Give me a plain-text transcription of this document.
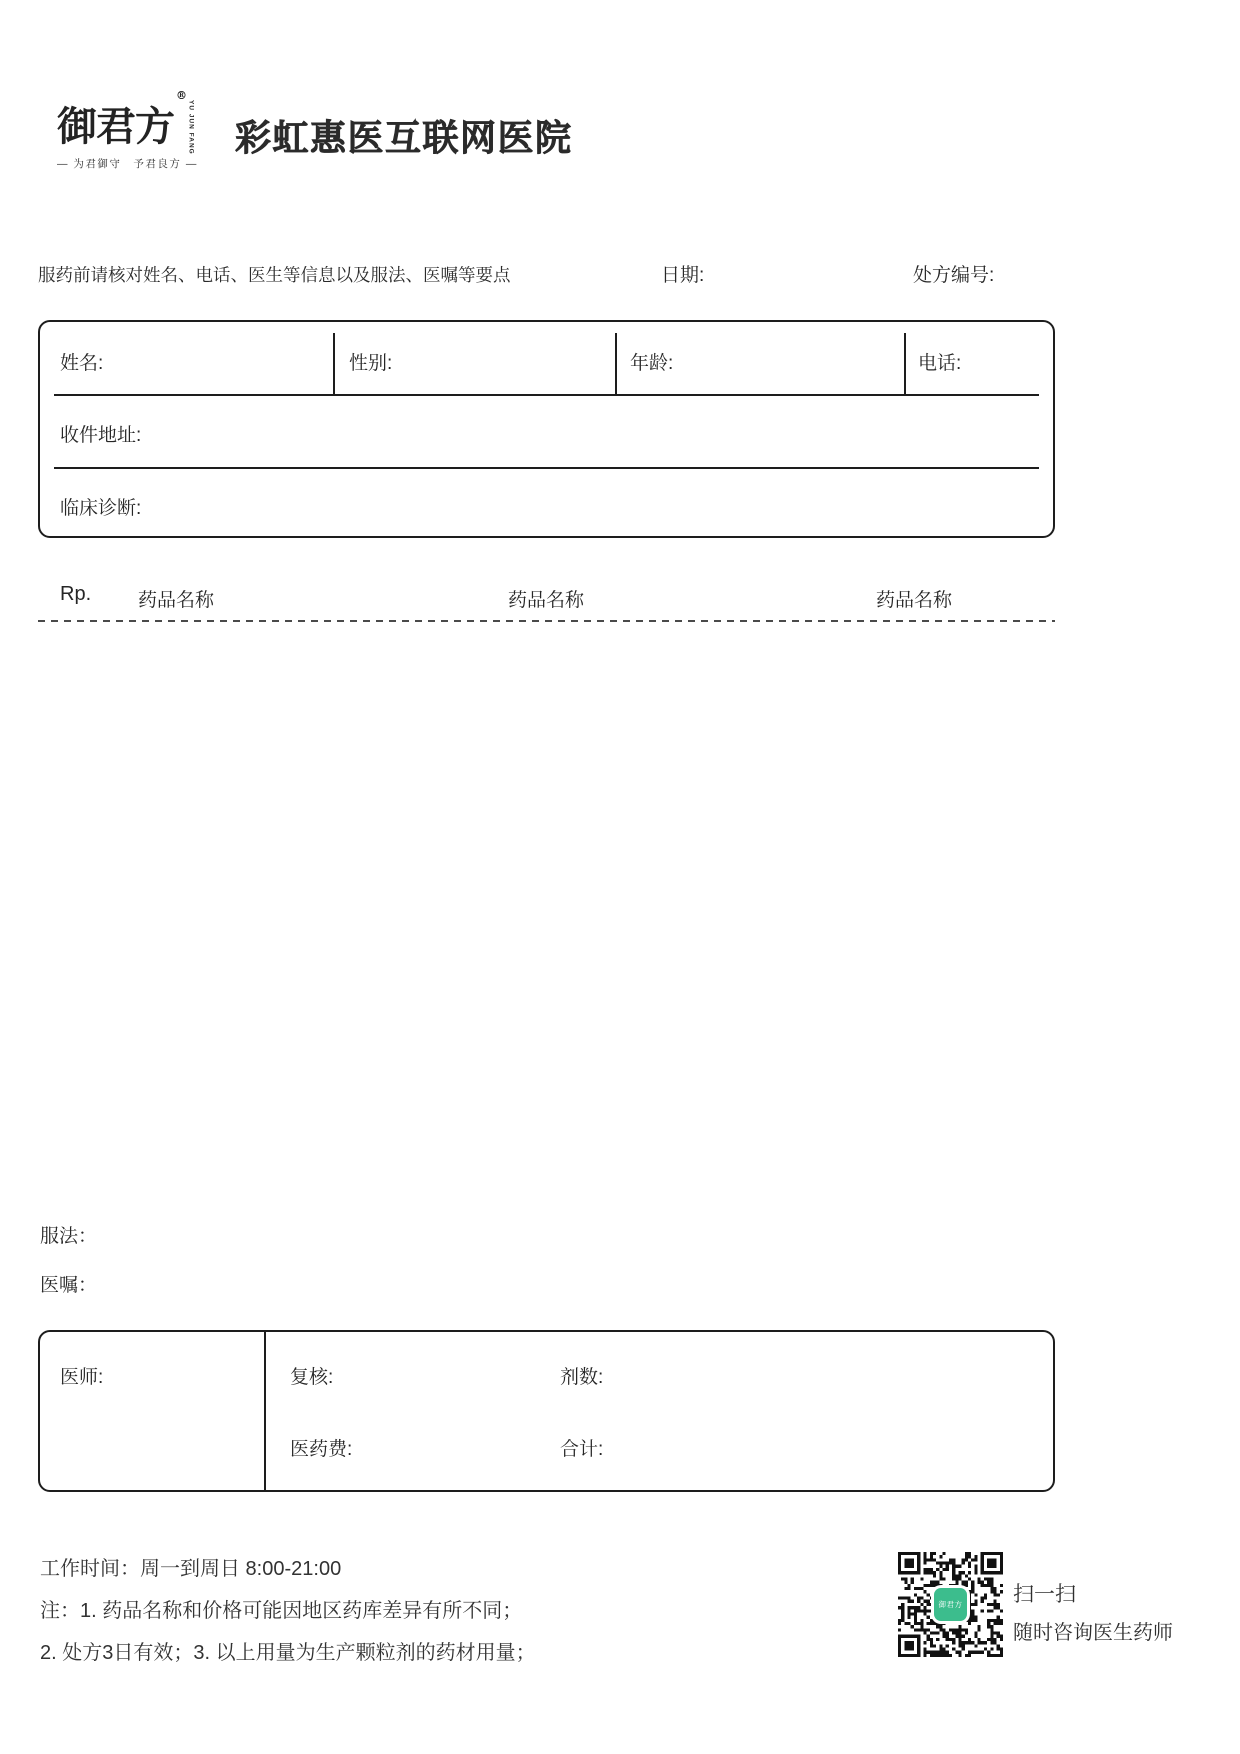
御君方®YU JUN FANG
— 为君御守　予君良方 —
彩虹惠医互联网医院
服药前请核对姓名、电话、医生等信息以及服法、医嘱等要点	日期:	处方编号:
姓名:	性别:	年龄:	电话:
收件地址:
临床诊断:
Rp. 药品名称	药品名称	药品名称
服法：
医嘱：
医师:	复核:	剂数:
医药费:	合计:
工作时间：周一到周日 8:00-21:00
注：1. 药品名称和价格可能因地区药库差异有所不同；
2. 处方3日有效；3. 以上用量为生产颗粒剂的药材用量；
御君方 扫一扫
随时咨询医生药师
